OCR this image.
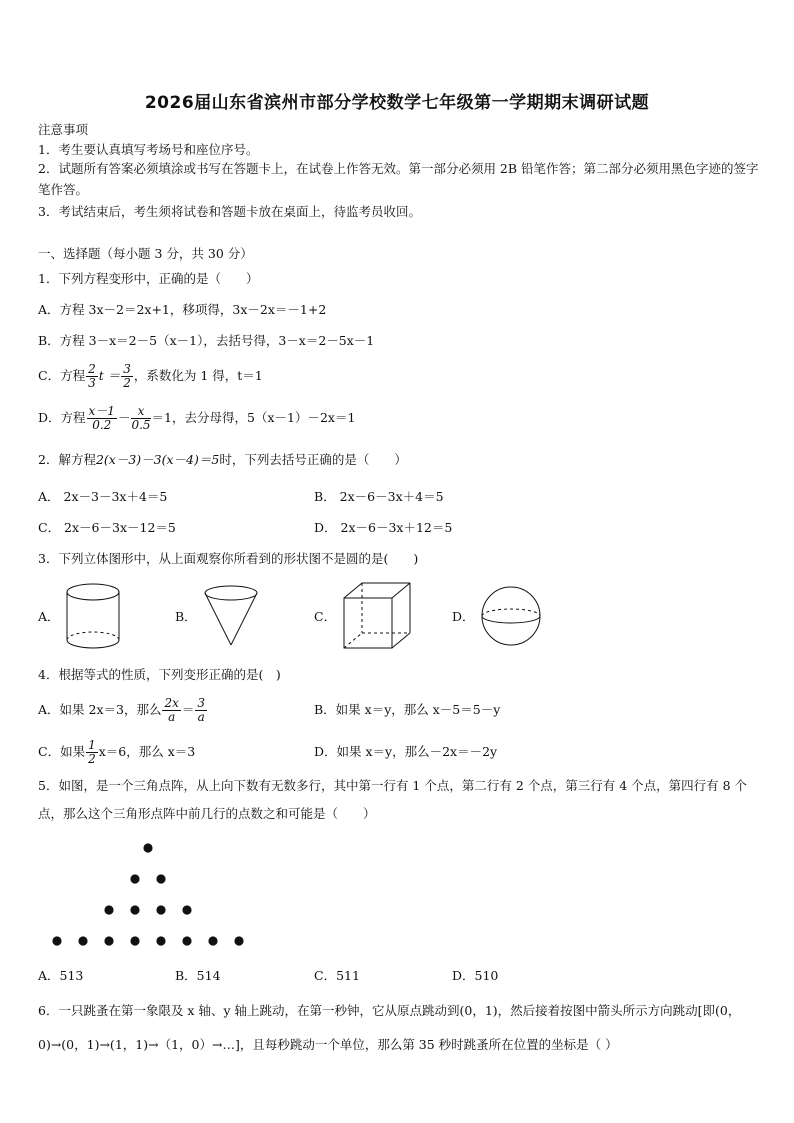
2026届山东省滨州市部分学校数学七年级第一学期期末调研试题
注意事项
1．考生要认真填写考场号和座位序号。
2．试题所有答案必须填涂或书写在答题卡上，在试卷上作答无效。第一部分必须用 2B 铅笔作答；第二部分必须用黑色字迹的签字笔作答。
3．考试结束后，考生须将试卷和答题卡放在桌面上，待监考员收回。
一、选择题（每小题 3 分，共 30 分）
1．下列方程变形中，正确的是（　　）
A．方程 3x－2＝2x+1，移项得，3x－2x＝－1+2
B．方程 3－x＝2－5（x－1），去括号得，3－x＝2－5x－1
C．方程 $\frac{2}{3}$ $t = \frac{3}{2}$ ，系数化为 1 得，t＝1
D．方程 $\frac{x-1}{0.2} - \frac{x}{0.5} =1$，去分母得，5（x－1）－2x＝1
2．解方程2(x－3)－3(x－4)＝5时，下列去括号正确的是（　　）
A． 2x－3－3x＋4＝5	B． 2x－6－3x＋4＝5
C． 2x－6－3x－12＝5	D． 2x－6－3x＋12＝5
3．下列立体图形中，从上面观察你所看到的形状图不是圆的是(　　)
A．	B．	C．	D．
4．根据等式的性质，下列变形正确的是(　)
A．如果 2x＝3，那么 $\frac{2x}{a} = \frac{3}{a}$	B．如果 x＝y，那么 x－5＝5－y
C．如果 $\frac{1}{2} x=6$，那么 x＝3	D．如果 x＝y，那么－2x＝－2y
5．如图，是一个三角点阵，从上向下数有无数多行，其中第一行有 1 个点，第二行有 2 个点，第三行有 4 个点，第四行有 8 个点，那么这个三角形点阵中前几行的点数之和可能是（　　）
A．513	B．514	C．511	D．510
6．一只跳蚤在第一象限及 x 轴、y 轴上跳动，在第一秒钟，它从原点跳动到(0，1)，然后接着按图中箭头所示方向跳动[即(0，0)→(0，1)→(1，1)→（1，0）→…]，且每秒跳动一个单位，那么第 35 秒时跳蚤所在位置的坐标是（ ）
